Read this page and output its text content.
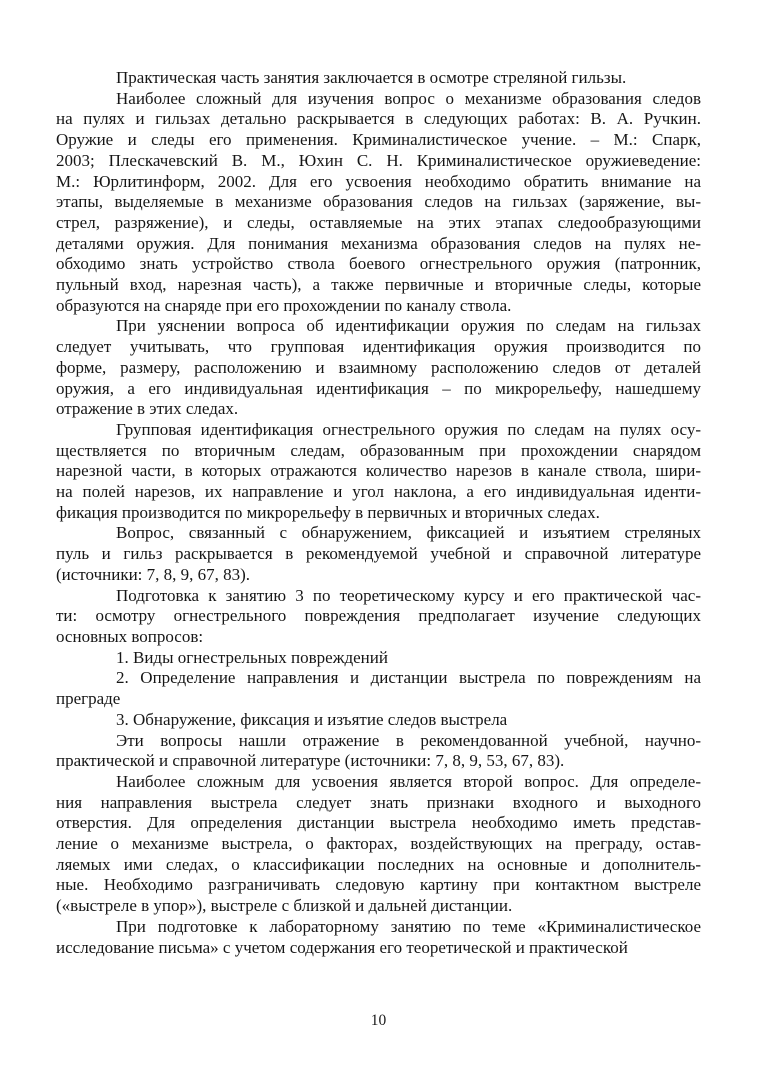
Практическая часть занятия заключается в осмотре стреляной гильзы.
Наиболее сложный для изучения вопрос о механизме образования следов
на пулях и гильзах детально раскрывается в следующих работах: В. А. Ручкин.
Оружие и следы его применения. Криминалистическое учение. – М.: Спарк,
2003; Плескачевский В. М., Юхин С. Н. Криминалистическое оружиеведение:
М.: Юрлитинформ, 2002. Для его усвоения необходимо обратить внимание на
этапы, выделяемые в механизме образования следов на гильзах (заряжение, вы-
стрел, разряжение), и следы, оставляемые на этих этапах следообразующими
деталями оружия. Для понимания механизма образования следов на пулях не-
обходимо знать устройство ствола боевого огнестрельного оружия (патронник,
пульный вход, нарезная часть), а также первичные и вторичные следы, которые
образуются на снаряде при его прохождении по каналу ствола.
При уяснении вопроса об идентификации оружия по следам на гильзах
следует учитывать, что групповая идентификация оружия производится по
форме, размеру, расположению и взаимному расположению следов от деталей
оружия, а его индивидуальная идентификация – по микрорельефу, нашедшему
отражение в этих следах.
Групповая идентификация огнестрельного оружия по следам на пулях осу-
ществляется по вторичным следам, образованным при прохождении снарядом
нарезной части, в которых отражаются количество нарезов в канале ствола, шири-
на полей нарезов, их направление и угол наклона, а его индивидуальная иденти-
фикация производится по микрорельефу в первичных и вторичных следах.
Вопрос, связанный с обнаружением, фиксацией и изъятием стреляных
пуль и гильз раскрывается в рекомендуемой учебной и справочной литературе
(источники: 7, 8, 9, 67, 83).
Подготовка к занятию 3 по теоретическому курсу и его практической час-
ти: осмотру огнестрельного повреждения предполагает изучение следующих
основных вопросов:
1. Виды огнестрельных повреждений
2. Определение направления и дистанции выстрела по повреждениям на
преграде
3. Обнаружение, фиксация и изъятие следов выстрела
Эти вопросы нашли отражение в рекомендованной учебной, научно-
практической и справочной литературе (источники: 7, 8, 9, 53, 67, 83).
Наиболее сложным для усвоения является второй вопрос. Для определе-
ния направления выстрела следует знать признаки входного и выходного
отверстия. Для определения дистанции выстрела необходимо иметь представ-
ление о механизме выстрела, о факторах, воздействующих на преграду, остав-
ляемых ими следах, о классификации последних на основные и дополнитель-
ные. Необходимо разграничивать следовую картину при контактном выстреле
(«выстреле в упор»), выстреле с близкой и дальней дистанции.
При подготовке к лабораторному занятию по теме «Криминалистическое
исследование письма» с учетом содержания его теоретической и практической
10
